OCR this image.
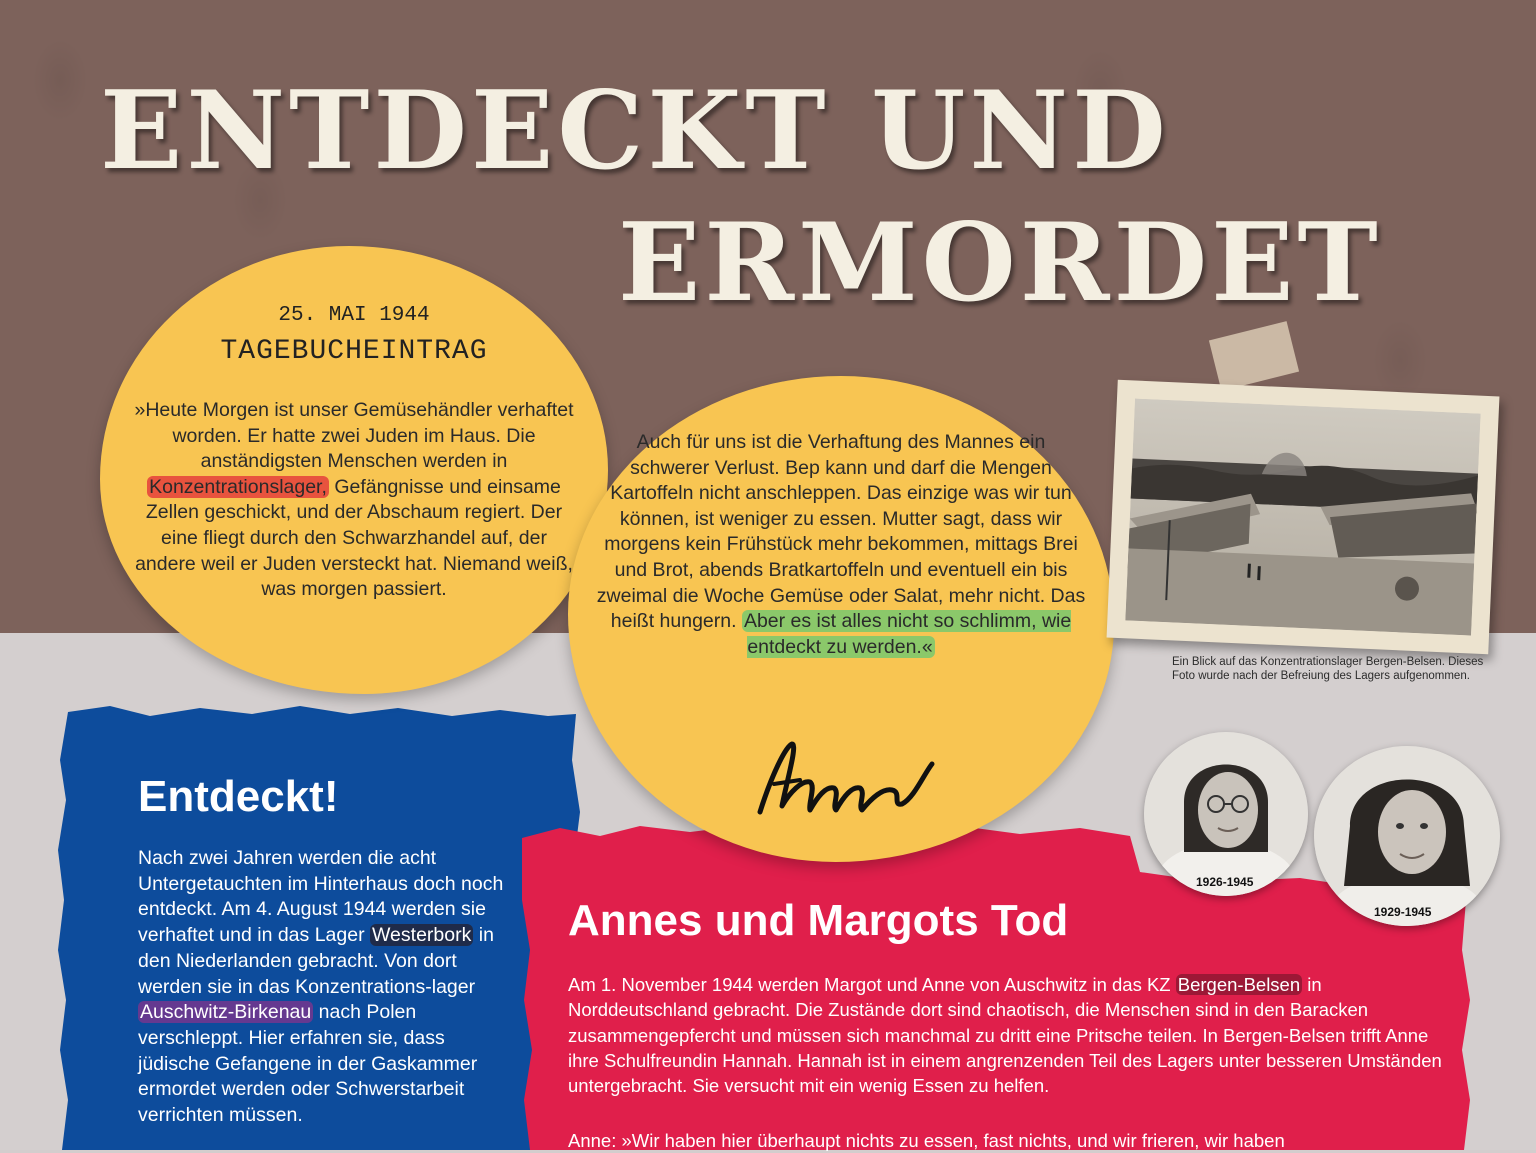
ENTDECKT UND
ERMORDET
25. MAI 1944
TAGEBUCHEINTRAG
»Heute Morgen ist unser Gemüsehändler verhaftet worden. Er hatte zwei Juden im Haus. Die anständigsten Menschen werden in Konzentrationslager, Gefängnisse und einsame Zellen geschickt, und der Abschaum regiert. Der eine fliegt durch den Schwarzhandel auf, der andere weil er Juden versteckt hat. Niemand weiß, was morgen passiert.
Auch für uns ist die Verhaftung des Mannes ein schwerer Verlust. Bep kann und darf die Mengen Kartoffeln nicht anschleppen. Das einzige was wir tun können, ist weniger zu essen. Mutter sagt, dass wir morgens kein Frühstück mehr bekommen, mittags Brei und Brot, abends Bratkartoffeln und eventuell ein bis zweimal die Woche Gemüse oder Salat, mehr nicht. Das heißt hungern. Aber es ist alles nicht so schlimm, wie entdeckt zu werden.«
Ein Blick auf das Konzentrationslager Bergen-Belsen. Dieses Foto wurde nach der Befreiung des Lagers aufgenommen.
Entdeckt!
Nach zwei Jahren werden die acht Untergetauchten im Hinterhaus doch noch entdeckt. Am 4. August 1944 werden sie verhaftet und in das Lager Westerbork in den Niederlanden gebracht. Von dort werden sie in das Konzentrations-lager Auschwitz-Birkenau nach Polen verschleppt. Hier erfahren sie, dass jüdische Gefangene in der Gaskammer ermordet werden oder Schwerstarbeit verrichten müssen.
Annes und Margots Tod
Am 1. November 1944 werden Margot und Anne von Auschwitz in das KZ Bergen-Belsen in Norddeutschland gebracht. Die Zustände dort sind chaotisch, die Menschen sind in den Baracken zusammengepfercht und müssen sich manchmal zu dritt eine Pritsche teilen. In Bergen-Belsen trifft Anne ihre Schulfreundin Hannah. Hannah ist in einem angrenzenden Teil des Lagers unter besseren Umständen untergebracht. Sie versucht mit ein wenig Essen zu helfen.
Anne: »Wir haben hier überhaupt nichts zu essen, fast nichts, und wir frieren, wir haben
1926-1945
1929-1945
